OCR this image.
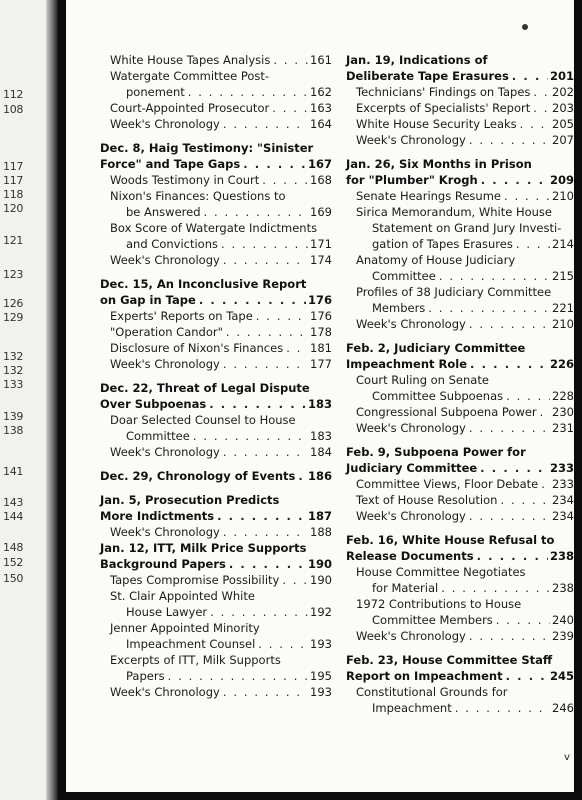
112
108
117
117
118
120
121
123
126
129
132
132
133
139
138
141
143
144
148
152
150
White House Tapes Analysis . . .	161
Watergate Committee Post-
ponement . . .	162
Court-Appointed Prosecutor . . .	163
Week's Chronology . . .	164
Dec. 8, Haig Testimony: "Sinister
Force" and Tape Gaps . . .	167
Woods Testimony in Court . . .	168
Nixon's Finances: Questions to
be Answered . . .	169
Box Score of Watergate Indictments
and Convictions . . .	171
Week's Chronology . . .	174
Dec. 15, An Inconclusive Report
on Gap in Tape . . .	176
Experts' Reports on Tape . . .	176
"Operation Candor" . . .	178
Disclosure of Nixon's Finances . . . 181
Week's Chronology . . .	177
Dec. 22, Threat of Legal Dispute
Over Subpoenas . . .	183
Doar Selected Counsel to House
Committee . . .	183
Week's Chronology . . .	184
Dec. 29, Chronology of Events . . . 186
Jan. 5, Prosecution Predicts
More Indictments . . .	187
Week's Chronology . . .	188
Jan. 12, ITT, Milk Price Supports
Background Papers . . .	190
Tapes Compromise Possibility . . .	190
St. Clair Appointed White
House Lawyer . . .	192
Jenner Appointed Minority
Impeachment Counsel . . .	193
Excerpts of ITT, Milk Supports
Papers . . .	195
Week's Chronology . . .	193
Jan. 19, Indications of
Deliberate Tape Erasures . . .	201
Technicians' Findings on Tapes . . . 202
Excerpts of Specialists' Report . . . 203
White House Security Leaks . . .	205
Week's Chronology . . .	207
Jan. 26, Six Months in Prison
for "Plumber" Krogh . . .	209
Senate Hearings Resume . . .	210
Sirica Memorandum, White House
Statement on Grand Jury Investi-
gation of Tapes Erasures . . .	214
Anatomy of House Judiciary
Committee . . .	215
Profiles of 38 Judiciary Committee
Members . . .	221
Week's Chronology . . .	210
Feb. 2, Judiciary Committee
Impeachment Role . . .	226
Court Ruling on Senate
Committee Subpoenas . . .	228
Congressional Subpoena Power . . . 230
Week's Chronology . . .	231
Feb. 9, Subpoena Power for
Judiciary Committee . . .	233
Committee Views, Floor Debate . . . 233
Text of House Resolution . . .	234
Week's Chronology . . .	234
Feb. 16, White House Refusal to
Release Documents . . .	238
House Committee Negotiates
for Material . . .	238
1972 Contributions to House
Committee Members . . .	240
Week's Chronology . . .	239
Feb. 23, House Committee Staff
Report on Impeachment . . .	245
Constitutional Grounds for
Impeachment . . .	246
v
